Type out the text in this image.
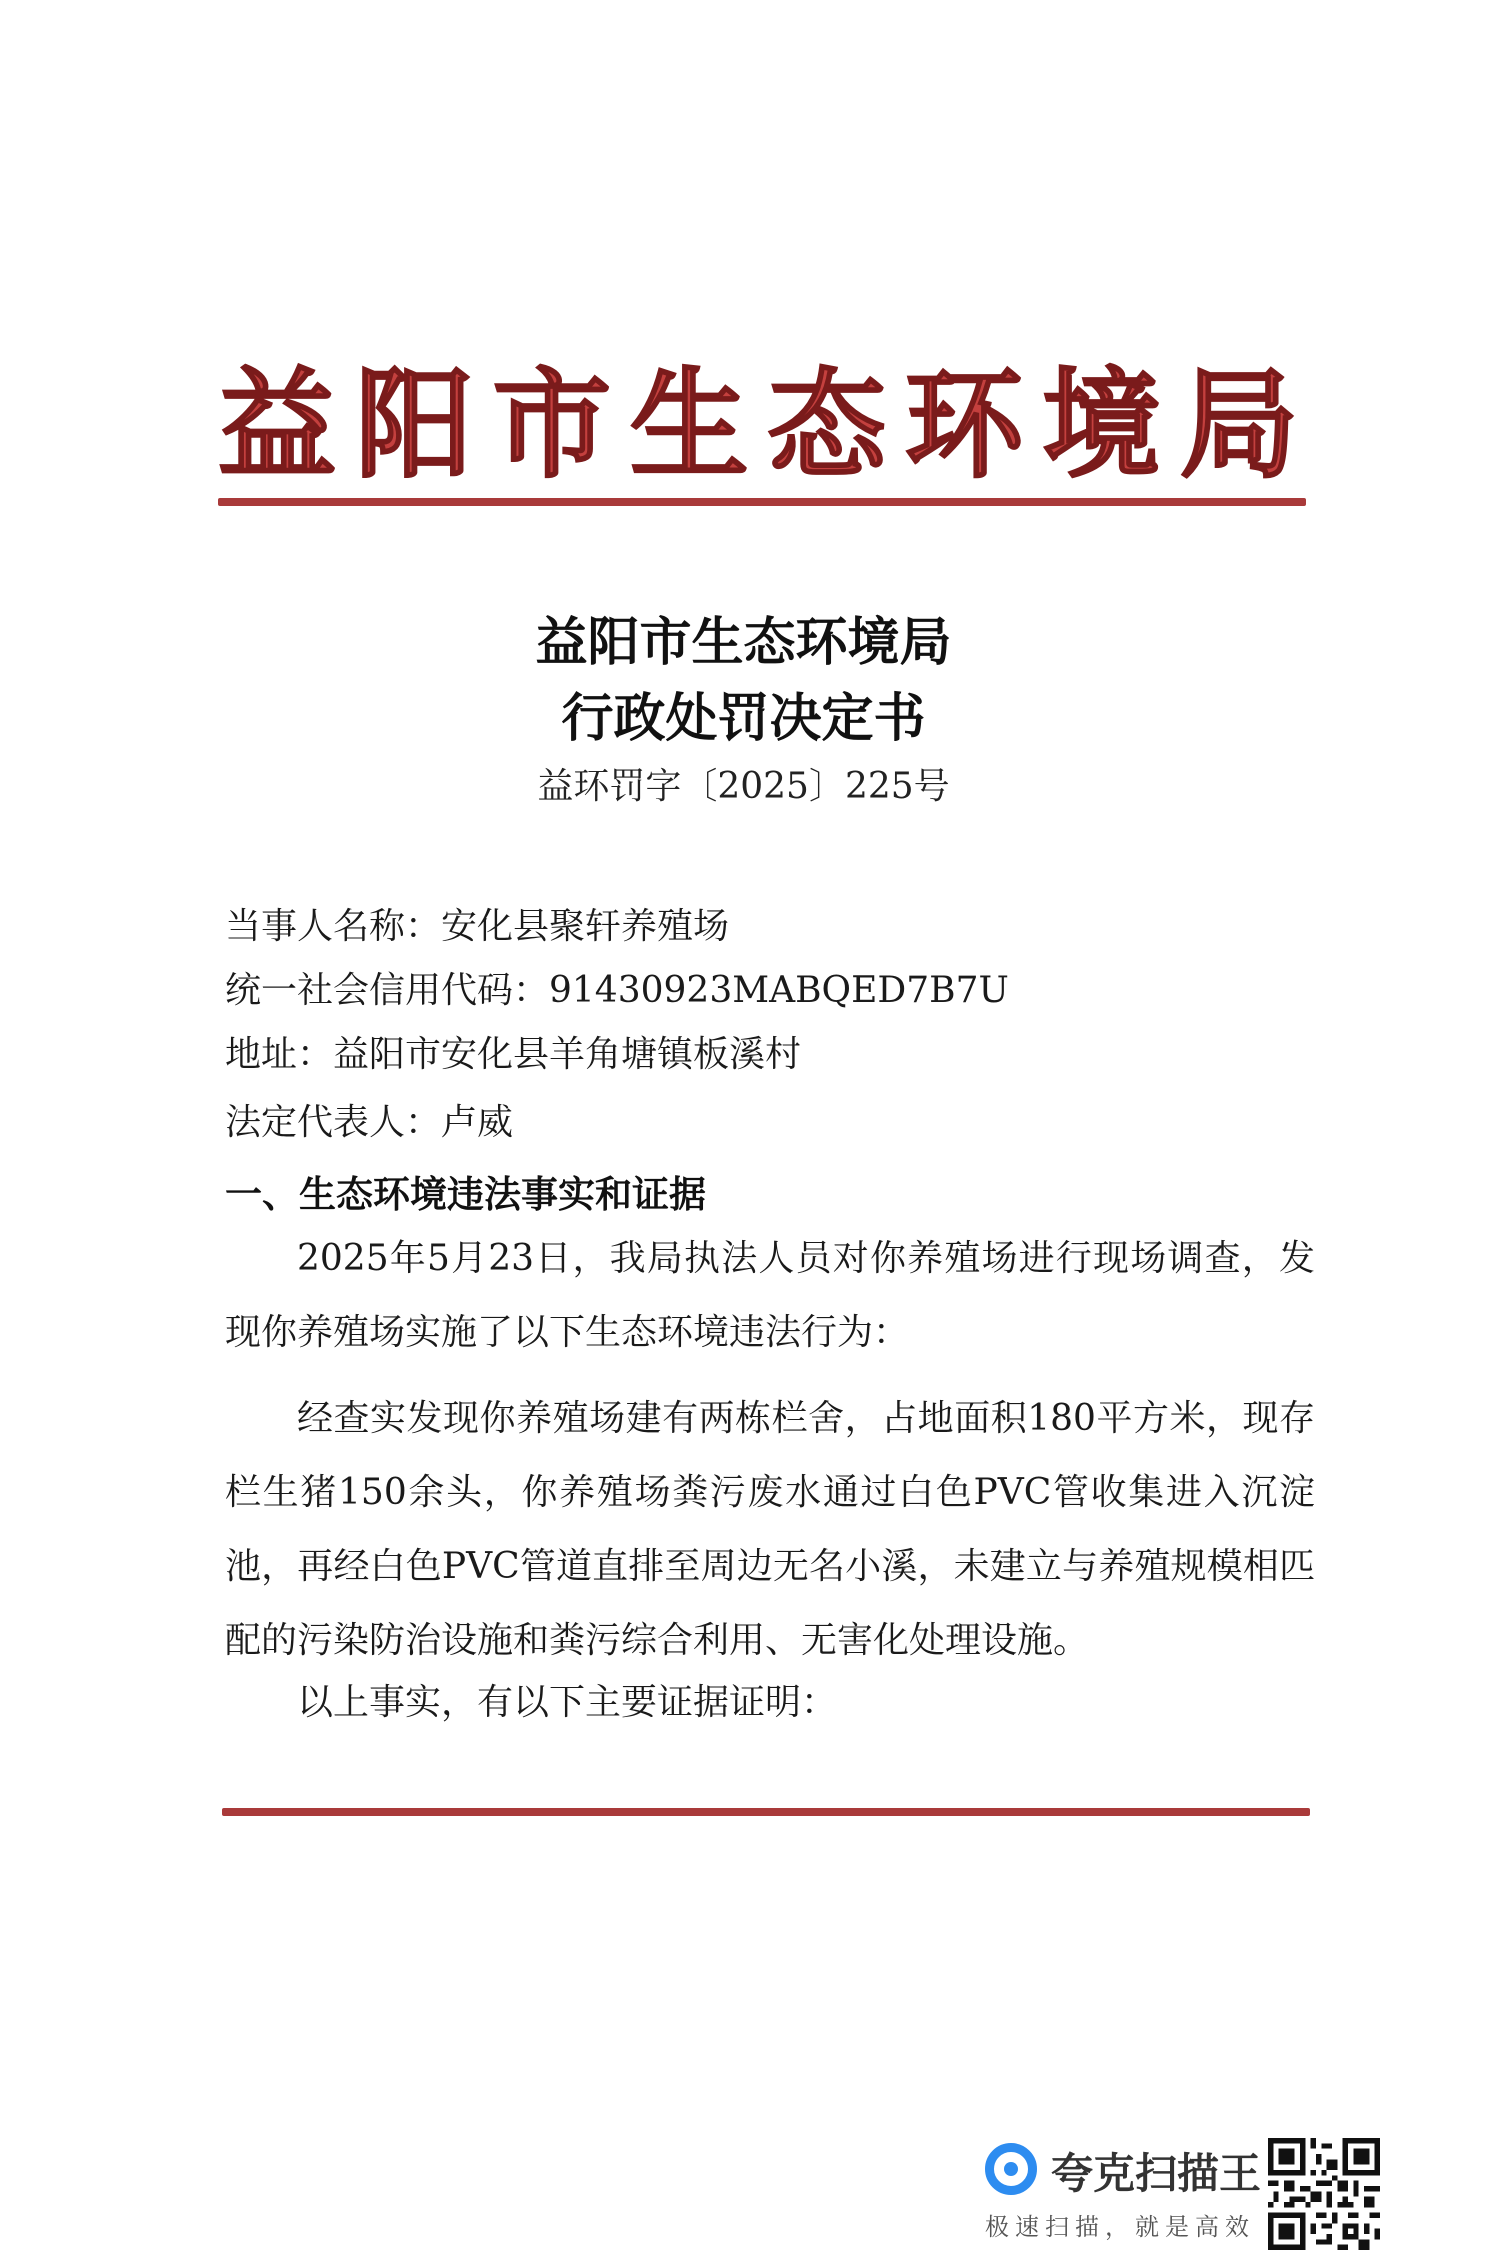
益 阳 市 生 态 环 境 局
益阳市生态环境局
行政处罚决定书
益环罚字〔2025〕225号
当事人名称：安化县聚轩养殖场
统一社会信用代码：91430923MABQED7B7U
地址：益阳市安化县羊角塘镇板溪村
法定代表人：卢威
一、生态环境违法事实和证据
2025年5月23日，我局执法人员对你养殖场进行现场调查，发现你养殖场实施了以下生态环境违法行为：
经查实发现你养殖场建有两栋栏舍，占地面积180平方米，现存栏生猪150余头，你养殖场粪污废水通过白色PVC管收集进入沉淀池，再经白色PVC管道直排至周边无名小溪，未建立与养殖规模相匹配的污染防治设施和粪污综合利用、无害化处理设施。
以上事实，有以下主要证据证明：
夸克扫描王
极速扫描，就是高效
